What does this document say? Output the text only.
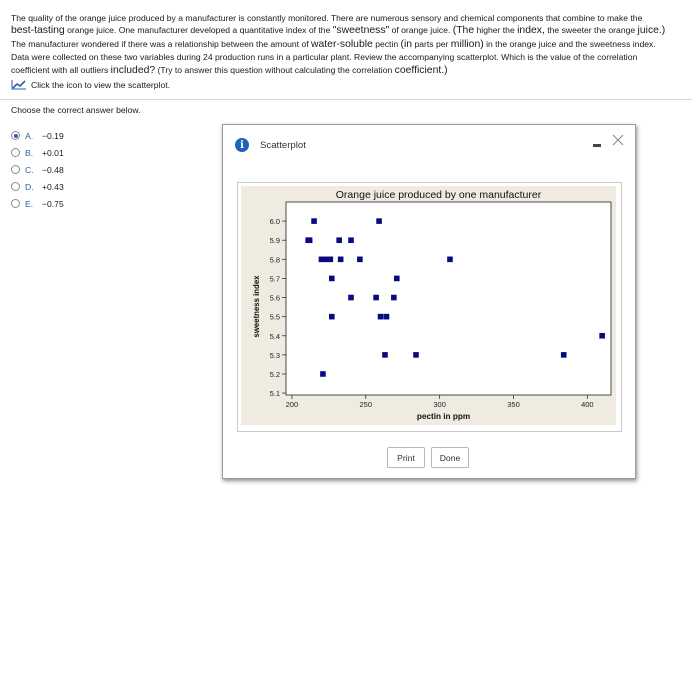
The quality of the orange juice produced by a manufacturer is constantly monitored. There are numerous sensory and chemical components that combine to make the
best-tasting orange juice. One manufacturer developed a quantitative index of the "sweetness" of orange juice. (The higher the index, the sweeter the orange juice.)
The manufacturer wondered if there was a relationship between the amount of water-soluble pectin (in parts per million) in the orange juice and the sweetness index.
Data were collected on these two variables during 24 production runs in a particular plant. Review the accompanying scatterplot. Which is the value of the correlation
coefficient with all outliers included? (Try to answer this question without calculating the correlation coefficient.)
Click the icon to view the scatterplot.
Choose the correct answer below.
A.	−0.19
B.	+0.01
C. −0.48
D. +0.43
E.	−0.75
i	Scatterplot
Orange juice produced by one manufacturer
5.1
5.2
5.3
5.4
5.5
5.6
5.7
5.8
5.9
6.0
200	250	300	350	400
pectin in ppm
sweetness index
Print	Done
